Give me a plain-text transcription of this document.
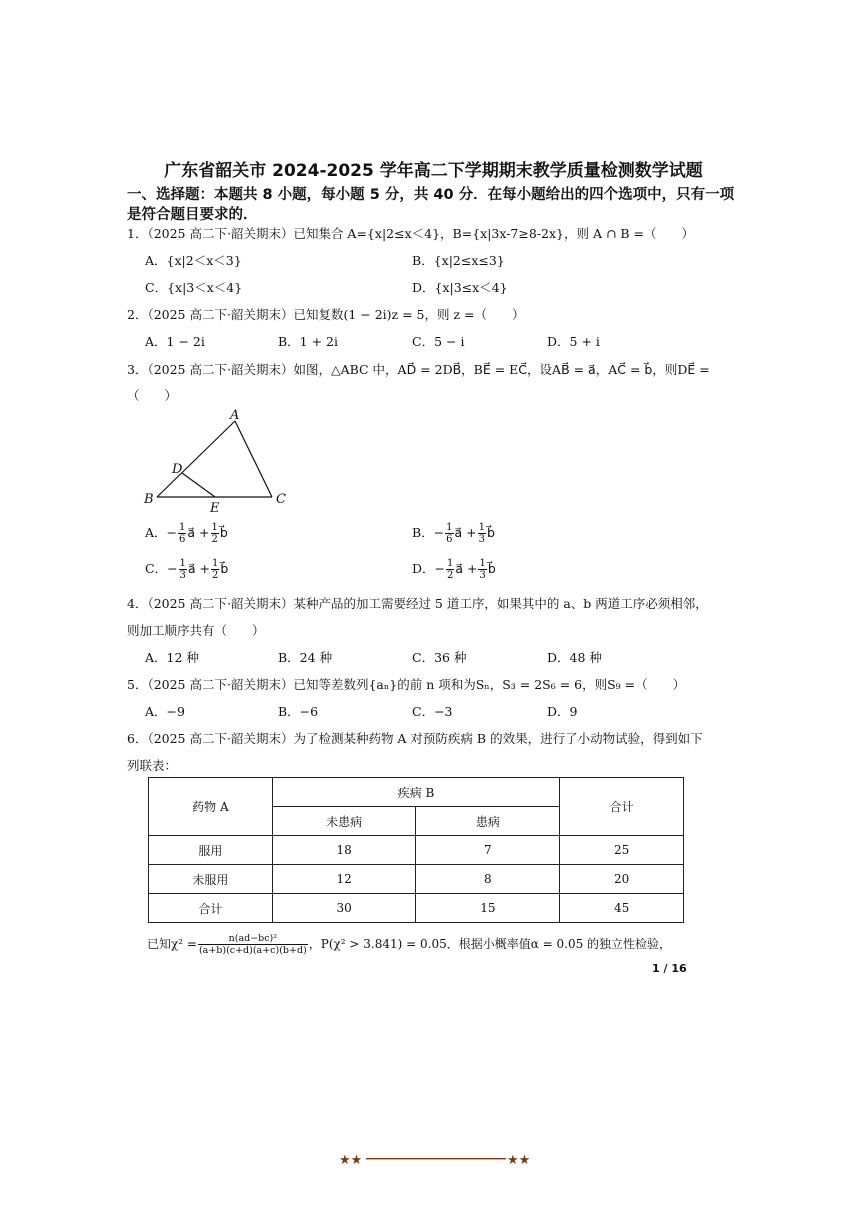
广东省韶关市 2024-2025 学年高二下学期期末教学质量检测数学试题
一、选择题：本题共 8 小题，每小题 5 分，共 40 分．在每小题给出的四个选项中，只有一项
是符合题目要求的．
1．（2025 高二下·韶关期末）已知集合 A={x|2≤x＜4}，B={x|3x-7≥8-2x}，则 A ∩ B =（　　）
A．{x|2＜x＜3}	B．{x|2≤x≤3}
C．{x|3＜x＜4}	D．{x|3≤x＜4}
2．（2025 高二下·韶关期末）已知复数(1 − 2i)z = 5，则 z =（　　）
A．1 − 2i	B．1 + 2i	C．5 − i	D．5 + i
3．（2025 高二下·韶关期末）如图，△ABC 中，AD⃗ = 2DB⃗，BE⃗ = EC⃗，设AB⃗ = a⃗，AC⃗ = b⃗，则DE⃗ =
（　　）
A
B	C
D
E
A．− $\frac{1}{6}$ a⃗ + $\frac{1}{2}$ b⃗	B．− $\frac{1}{6}$ a⃗ + $\frac{1}{3}$ b⃗
C．− $\frac{1}{3}$ a⃗ + $\frac{1}{2}$ b⃗	D．− $\frac{1}{2}$ a⃗ + $\frac{1}{3}$ b⃗
4．（2025 高二下·韶关期末）某种产品的加工需要经过 5 道工序，如果其中的 a、b 两道工序必须相邻，
则加工顺序共有（　　）
A．12 种	B．24 种	C．36 种	D．48 种
5．（2025 高二下·韶关期末）已知等差数列{aₙ}的前 n 项和为Sₙ，S₃ = 2S₆ = 6，则S₉ =（　　）
A．−9	B．−6	C．−3	D．9
6．（2025 高二下·韶关期末）为了检测某种药物 A 对预防疾病 B 的效果，进行了小动物试验，得到如下
列联表：
药物 A	疾病 B		合计
	未患病	患病	
服用	18	7	25
未服用	12	8	20
合计	30	15	45
已知$\chi^2 = \frac{\text{n(ad−bc)²}}{(a+b)(c+d)(a+c)(b+d)}$ ，P(χ² > 3.841) = 0.05．根据小概率值α = 0.05 的独立性检验，
1 / 16
★★	★★
